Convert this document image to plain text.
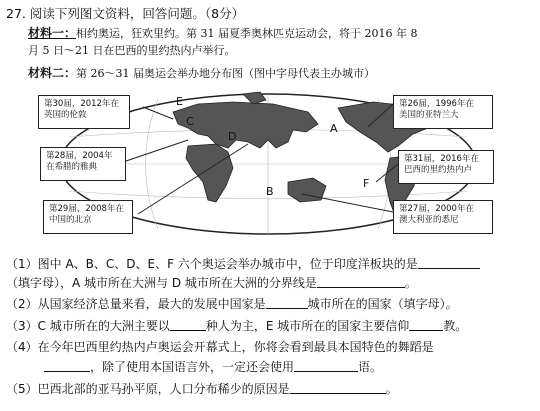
27. 阅读下列图文资料，回答问题。（8分）
材料一：相约奥运，狂欢里约。第 31 届夏季奥林匹克运动会，将于 2016 年 8
月 5 日～21 日在巴西的里约热内卢举行。
材料二：第 26～31 届奥运会举办地分布图（图中字母代表主办城市）
E
C
D
A
B
F
第30届，2012年在
英国的伦敦
第28届，2004年
在希腊的雅典
第29届，2008年在
中国的北京
第26届，1996年在
美国的亚特兰大
第31届，2016年在
巴西的里约热内卢
第27届，2000年在
澳大利亚的悉尼
（1）图中 A、B、C、D、E、F 六个奥运会举办城市中，位于印度洋板块的是
（填字母），A 城市所在大洲与 D 城市所在大洲的分界线是	。
（2）从国家经济总量来看，最大的发展中国家是	城市所在的国家（填字母）。
（3）C 城市所在的大洲主要以	种人为主，E 城市所在的国家主要信仰	教。
（4）在今年巴西里约热内卢奥运会开幕式上，你将会看到最具本国特色的舞蹈是
，除了使用本国语言外，一定还会使用	语。
（5）巴西北部的亚马孙平原，人口分布稀少的原因是	。
